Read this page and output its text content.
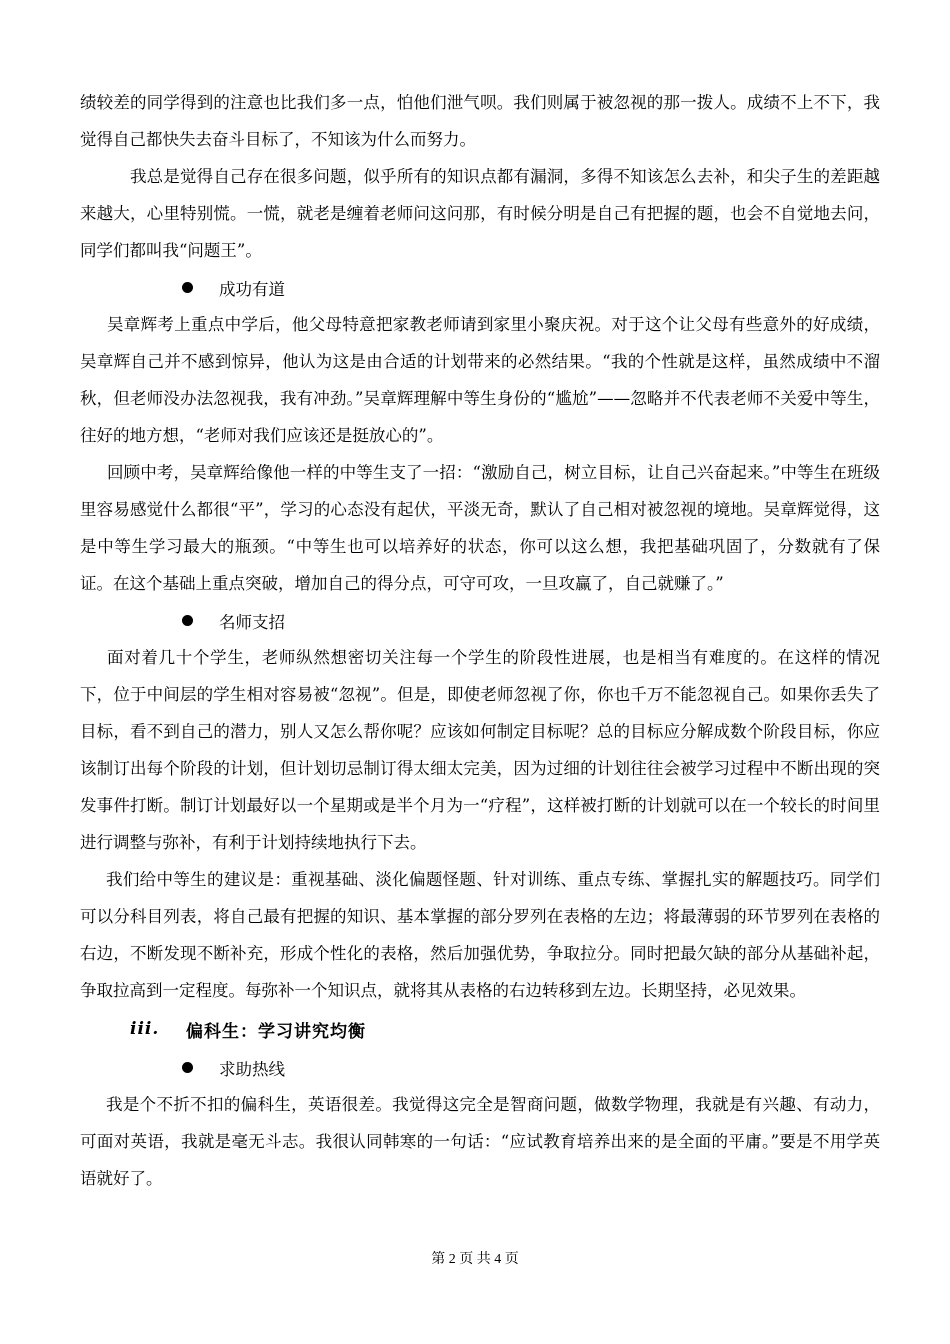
绩较差的同学得到的注意也比我们多一点，怕他们泄气呗。我们则属于被忽视的那一拨人。成绩不上不下，我觉得自己都快失去奋斗目标了，不知该为什么而努力。

我总是觉得自己存在很多问题，似乎所有的知识点都有漏洞，多得不知该怎么去补，和尖子生的差距越来越大，心里特别慌。一慌，就老是缠着老师问这问那，有时候分明是自己有把握的题，也会不自觉地去问，同学们都叫我“问题王”。

成功有道

吴章辉考上重点中学后，他父母特意把家教老师请到家里小聚庆祝。对于这个让父母有些意外的好成绩，吴章辉自己并不感到惊异，他认为这是由合适的计划带来的必然结果。“我的个性就是这样，虽然成绩中不溜秋，但老师没办法忽视我，我有冲劲。”吴章辉理解中等生身份的“尴尬”——忽略并不代表老师不关爱中等生，往好的地方想，“老师对我们应该还是挺放心的”。

回顾中考，吴章辉给像他一样的中等生支了一招：“激励自己，树立目标，让自己兴奋起来。”中等生在班级里容易感觉什么都很“平”，学习的心态没有起伏，平淡无奇，默认了自己相对被忽视的境地。吴章辉觉得，这是中等生学习最大的瓶颈。“中等生也可以培养好的状态，你可以这么想，我把基础巩固了，分数就有了保证。在这个基础上重点突破，增加自己的得分点，可守可攻，一旦攻赢了，自己就赚了。”

名师支招

面对着几十个学生，老师纵然想密切关注每一个学生的阶段性进展，也是相当有难度的。在这样的情况下，位于中间层的学生相对容易被“忽视”。但是，即使老师忽视了你，你也千万不能忽视自己。如果你丢失了目标，看不到自己的潜力，别人又怎么帮你呢？应该如何制定目标呢？总的目标应分解成数个阶段目标，你应该制订出每个阶段的计划，但计划切忌制订得太细太完美，因为过细的计划往往会被学习过程中不断出现的突发事件打断。制订计划最好以一个星期或是半个月为一“疗程”，这样被打断的计划就可以在一个较长的时间里进行调整与弥补，有利于计划持续地执行下去。

我们给中等生的建议是：重视基础、淡化偏题怪题、针对训练、重点专练、掌握扎实的解题技巧。同学们可以分科目列表，将自己最有把握的知识、基本掌握的部分罗列在表格的左边；将最薄弱的环节罗列在表格的右边，不断发现不断补充，形成个性化的表格，然后加强优势，争取拉分。同时把最欠缺的部分从基础补起，争取拉高到一定程度。每弥补一个知识点，就将其从表格的右边转移到左边。长期坚持，必见效果。

iii.	偏科生：学习讲究均衡
求助热线

我是个不折不扣的偏科生，英语很差。我觉得这完全是智商问题，做数学物理，我就是有兴趣、有动力，可面对英语，我就是毫无斗志。我很认同韩寒的一句话：“应试教育培养出来的是全面的平庸。”要是不用学英语就好了。

第 2 页 共 4 页
